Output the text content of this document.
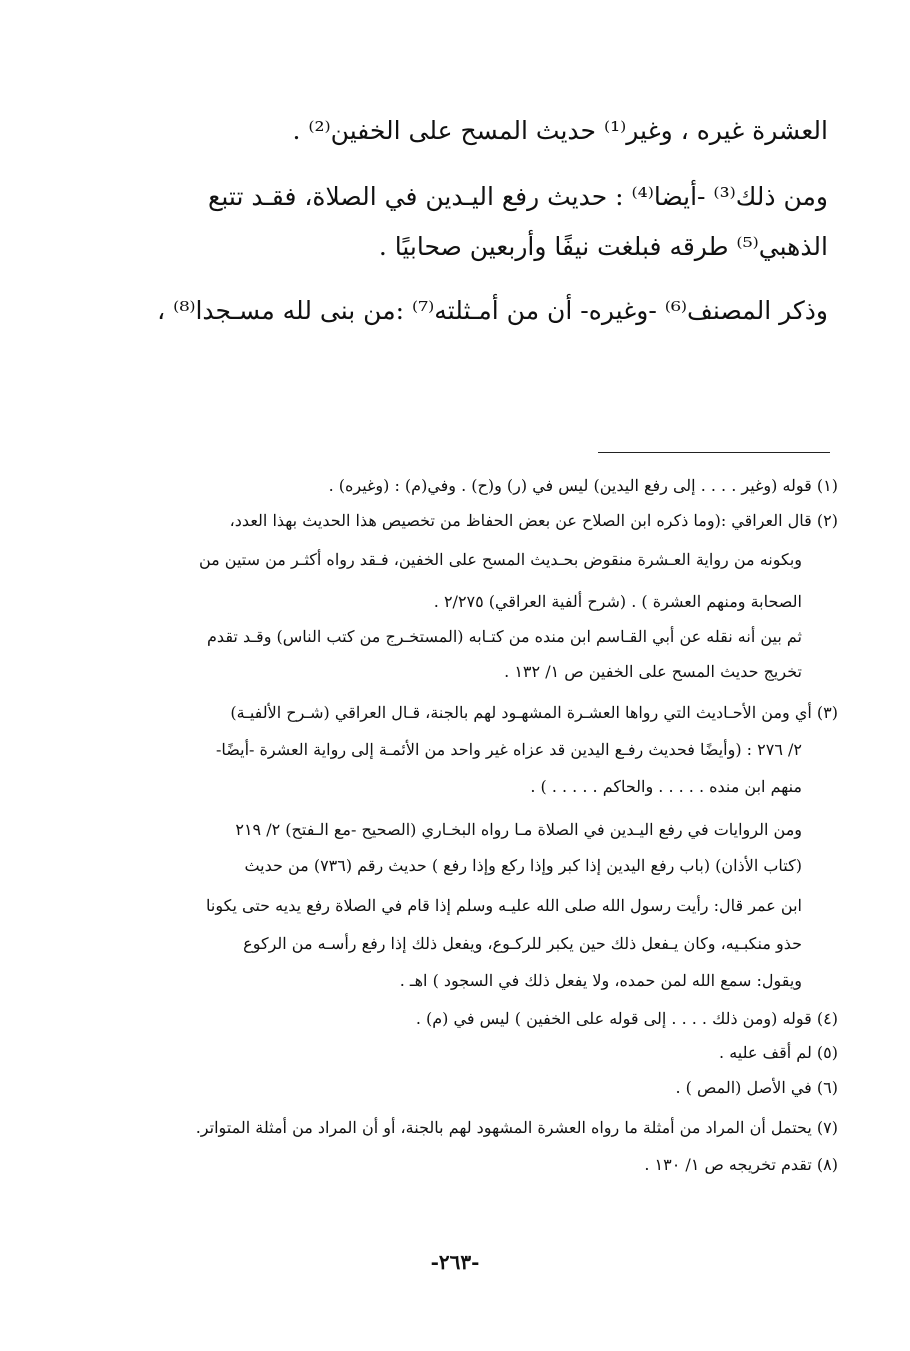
العشرة غيره ، وغير⁽¹⁾ حديث المسح على الخفين⁽²⁾ .
ومن ذلك⁽³⁾ -أيضا⁽⁴⁾ : حديث رفع اليـدين في الصلاة، فقـد تتبع
الذهبي⁽⁵⁾ طرقه فبلغت نيفًا وأربعين صحابيًا .
وذكر المصنف⁽⁶⁾ -وغيره- أن من أمـثلته⁽⁷⁾ :من بنى لله مسـجدا⁽⁸⁾ ،
(١) قوله (وغير . . . . إلى رفع اليدين) ليس في (ر) و(ح) . وفي(م) : (وغيره) .
(٢) قال العراقي :(وما ذكره ابن الصلاح عن بعض الحفاظ من تخصيص هذا الحديث بهذا العدد،
وبكونه من رواية العـشرة منقوض بحـديث المسح على الخفين، فـقد رواه أكثـر من ستين من
الصحابة ومنهم العشرة ) . (شرح ألفية العراقي) ٢/٢٧٥ .
ثم بين أنه نقله عن أبي القـاسم ابن منده من كتـابه (المستخـرج من كتب الناس) وقـد تقدم
تخريج حديث المسح على الخفين ص ١/ ١٣٢ .
(٣) أي ومن الأحـاديث التي رواها العشـرة المشهـود لهم بالجنة، قـال العراقي (شـرح الألفيـة)
٢/ ٢٧٦ : (وأيضًا فحديث رفـع اليدين قد عزاه غير واحد من الأئمـة إلى رواية العشرة -أيضًا-
منهم ابن منده . . . . . والحاكم . . . . . ) .
ومن الروايات في رفع اليـدين في الصلاة مـا رواه البخـاري (الصحيح -مع الـفتح) ٢/ ٢١٩
(كتاب الأذان) (باب رفع اليدين إذا كبر وإذا ركع وإذا رفع ) حديث رقم (٧٣٦) من حديث
ابن عمر قال: رأيت رسول الله صلى الله عليـه وسلم إذا قام في الصلاة رفع يديه حتى يكونا
حذو منكبـيه، وكان يـفعل ذلك حين يكبر للركـوع، ويفعل ذلك إذا رفع رأسـه من الركوع
ويقول: سمع الله لمن حمده، ولا يفعل ذلك في السجود ) اهـ .
(٤) قوله (ومن ذلك . . . . إلى قوله على الخفين ) ليس في (م) .
(٥) لم أقف عليه .
(٦) في الأصل (المص ) .
(٧) يحتمل أن المراد من أمثلة ما رواه العشرة المشهود لهم بالجنة، أو أن المراد من أمثلة المتواتر.
(٨) تقدم تخريجه ص ١/ ١٣٠ .
-٢٦٣-
